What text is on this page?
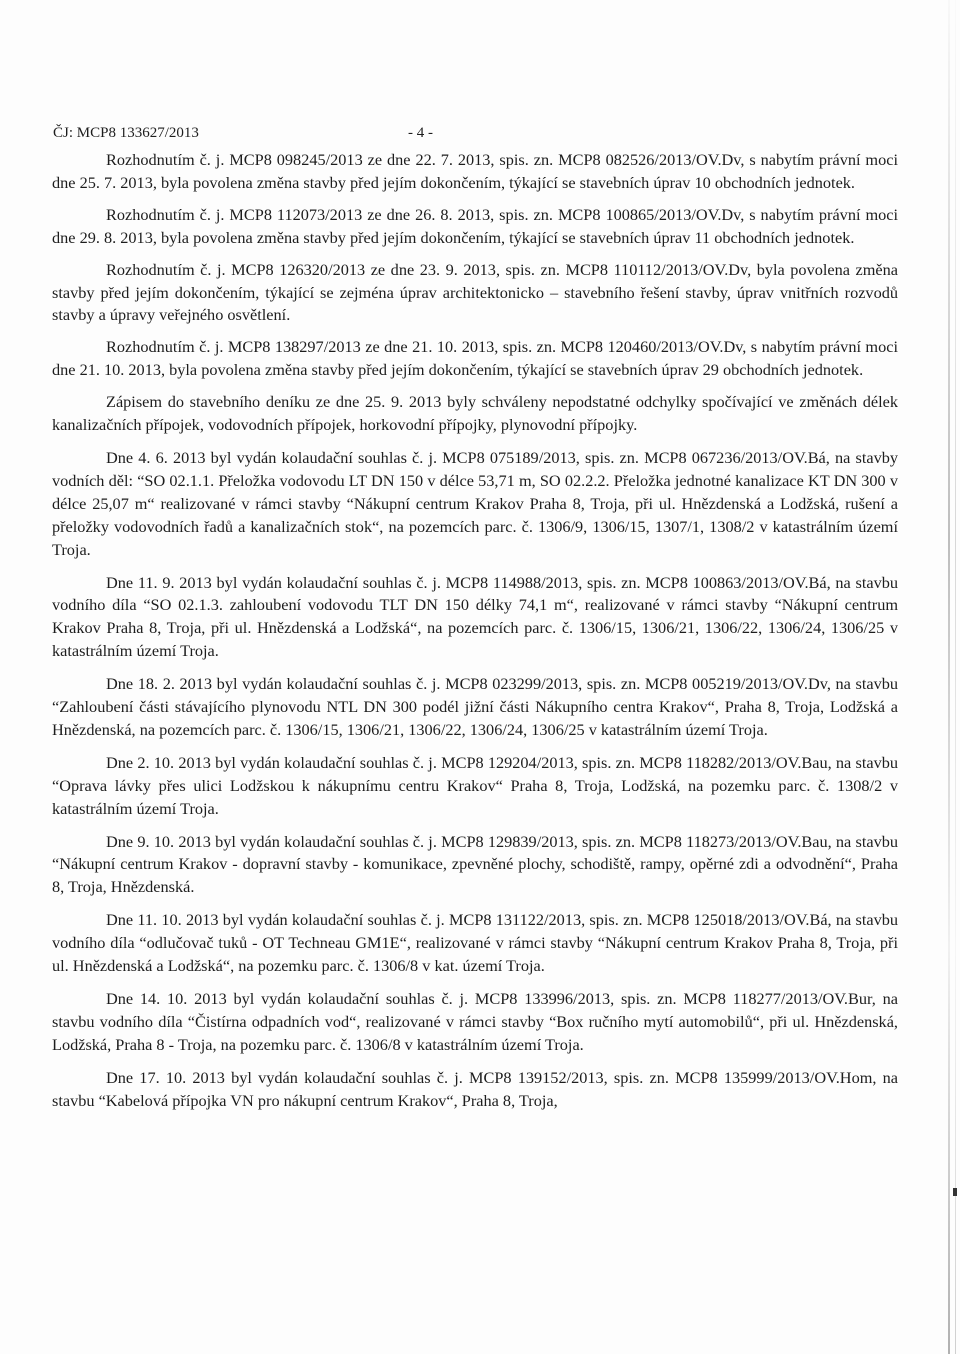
ČJ: MCP8 133627/2013	- 4 -

Rozhodnutím č. j. MCP8 098245/2013 ze dne 22. 7. 2013, spis. zn. MCP8 082526/2013/OV.Dv, s nabytím právní moci dne 25. 7. 2013, byla povolena změna stavby před jejím dokončením, týkající se stavebních úprav 10 obchodních jednotek.

Rozhodnutím č. j. MCP8 112073/2013 ze dne 26. 8. 2013, spis. zn. MCP8 100865/2013/OV.Dv, s nabytím právní moci dne 29. 8. 2013, byla povolena změna stavby před jejím dokončením, týkající se stavebních úprav 11 obchodních jednotek.

Rozhodnutím č. j. MCP8 126320/2013 ze dne 23. 9. 2013, spis. zn. MCP8 110112/2013/OV.Dv, byla povolena změna stavby před jejím dokončením, týkající se zejména úprav architektonicko – stavebního řešení stavby, úprav vnitřních rozvodů stavby a úpravy veřejného osvětlení.

Rozhodnutím č. j. MCP8 138297/2013 ze dne 21. 10. 2013, spis. zn. MCP8 120460/2013/OV.Dv, s nabytím právní moci dne 21. 10. 2013, byla povolena změna stavby před jejím dokončením, týkající se stavebních úprav 29 obchodních jednotek.

Zápisem do stavebního deníku ze dne 25. 9. 2013 byly schváleny nepodstatné odchylky spočívající ve změnách délek kanalizačních přípojek, vodovodních přípojek, horkovodní přípojky, plynovodní přípojky.

Dne 4. 6. 2013 byl vydán kolaudační souhlas č. j. MCP8 075189/2013, spis. zn. MCP8 067236/2013/OV.Bá, na stavby vodních děl: “SO 02.1.1. Přeložka vodovodu LT DN 150 v délce 53,71 m, SO 02.2.2. Přeložka jednotné kanalizace KT DN 300 v délce 25,07 m“ realizované v rámci stavby “Nákupní centrum Krakov Praha 8, Troja, při ul. Hnězdenská a Lodžská, rušení a přeložky vodovodních řadů a kanalizačních stok“, na pozemcích parc. č. 1306/9, 1306/15, 1307/1, 1308/2 v katastrálním území Troja.

Dne 11. 9. 2013 byl vydán kolaudační souhlas č. j. MCP8 114988/2013, spis. zn. MCP8 100863/2013/OV.Bá, na stavbu vodního díla “SO 02.1.3. zahloubení vodovodu TLT DN 150 délky 74,1 m“, realizované v rámci stavby “Nákupní centrum Krakov Praha 8, Troja, při ul. Hnězdenská a Lodžská“, na pozemcích parc. č. 1306/15, 1306/21, 1306/22, 1306/24, 1306/25 v katastrálním území Troja.

Dne 18. 2. 2013 byl vydán kolaudační souhlas č. j. MCP8 023299/2013, spis. zn. MCP8 005219/2013/OV.Dv, na stavbu “Zahloubení části stávajícího plynovodu NTL DN 300 podél jižní části Nákupního centra Krakov“, Praha 8, Troja, Lodžská a Hnězdenská, na pozemcích parc. č. 1306/15, 1306/21, 1306/22, 1306/24, 1306/25 v katastrálním území Troja.

Dne 2. 10. 2013 byl vydán kolaudační souhlas č. j. MCP8 129204/2013, spis. zn. MCP8 118282/2013/OV.Bau, na stavbu “Oprava lávky přes ulici Lodžskou k nákupnímu centru Krakov“ Praha 8, Troja, Lodžská, na pozemku parc. č. 1308/2 v katastrálním území Troja.

Dne 9. 10. 2013 byl vydán kolaudační souhlas č. j. MCP8 129839/2013, spis. zn. MCP8 118273/2013/OV.Bau, na stavbu “Nákupní centrum Krakov - dopravní stavby - komunikace, zpevněné plochy, schodiště, rampy, opěrné zdi a odvodnění“, Praha 8, Troja, Hnězdenská.

Dne 11. 10. 2013 byl vydán kolaudační souhlas č. j. MCP8 131122/2013, spis. zn. MCP8 125018/2013/OV.Bá, na stavbu vodního díla “odlučovač tuků - OT Techneau GM1E“, realizované v rámci stavby “Nákupní centrum Krakov Praha 8, Troja, při ul. Hnězdenská a Lodžská“, na pozemku parc. č. 1306/8 v kat. území Troja.

Dne 14. 10. 2013 byl vydán kolaudační souhlas č. j. MCP8 133996/2013, spis. zn. MCP8 118277/2013/OV.Bur, na stavbu vodního díla “Čistírna odpadních vod“, realizované v rámci stavby “Box ručního mytí automobilů“, při ul. Hnězdenská, Lodžská, Praha 8 - Troja, na pozemku parc. č. 1306/8 v katastrálním území Troja.

Dne 17. 10. 2013 byl vydán kolaudační souhlas č. j. MCP8 139152/2013, spis. zn. MCP8 135999/2013/OV.Hom, na stavbu “Kabelová přípojka VN pro nákupní centrum Krakov“, Praha 8, Troja,
